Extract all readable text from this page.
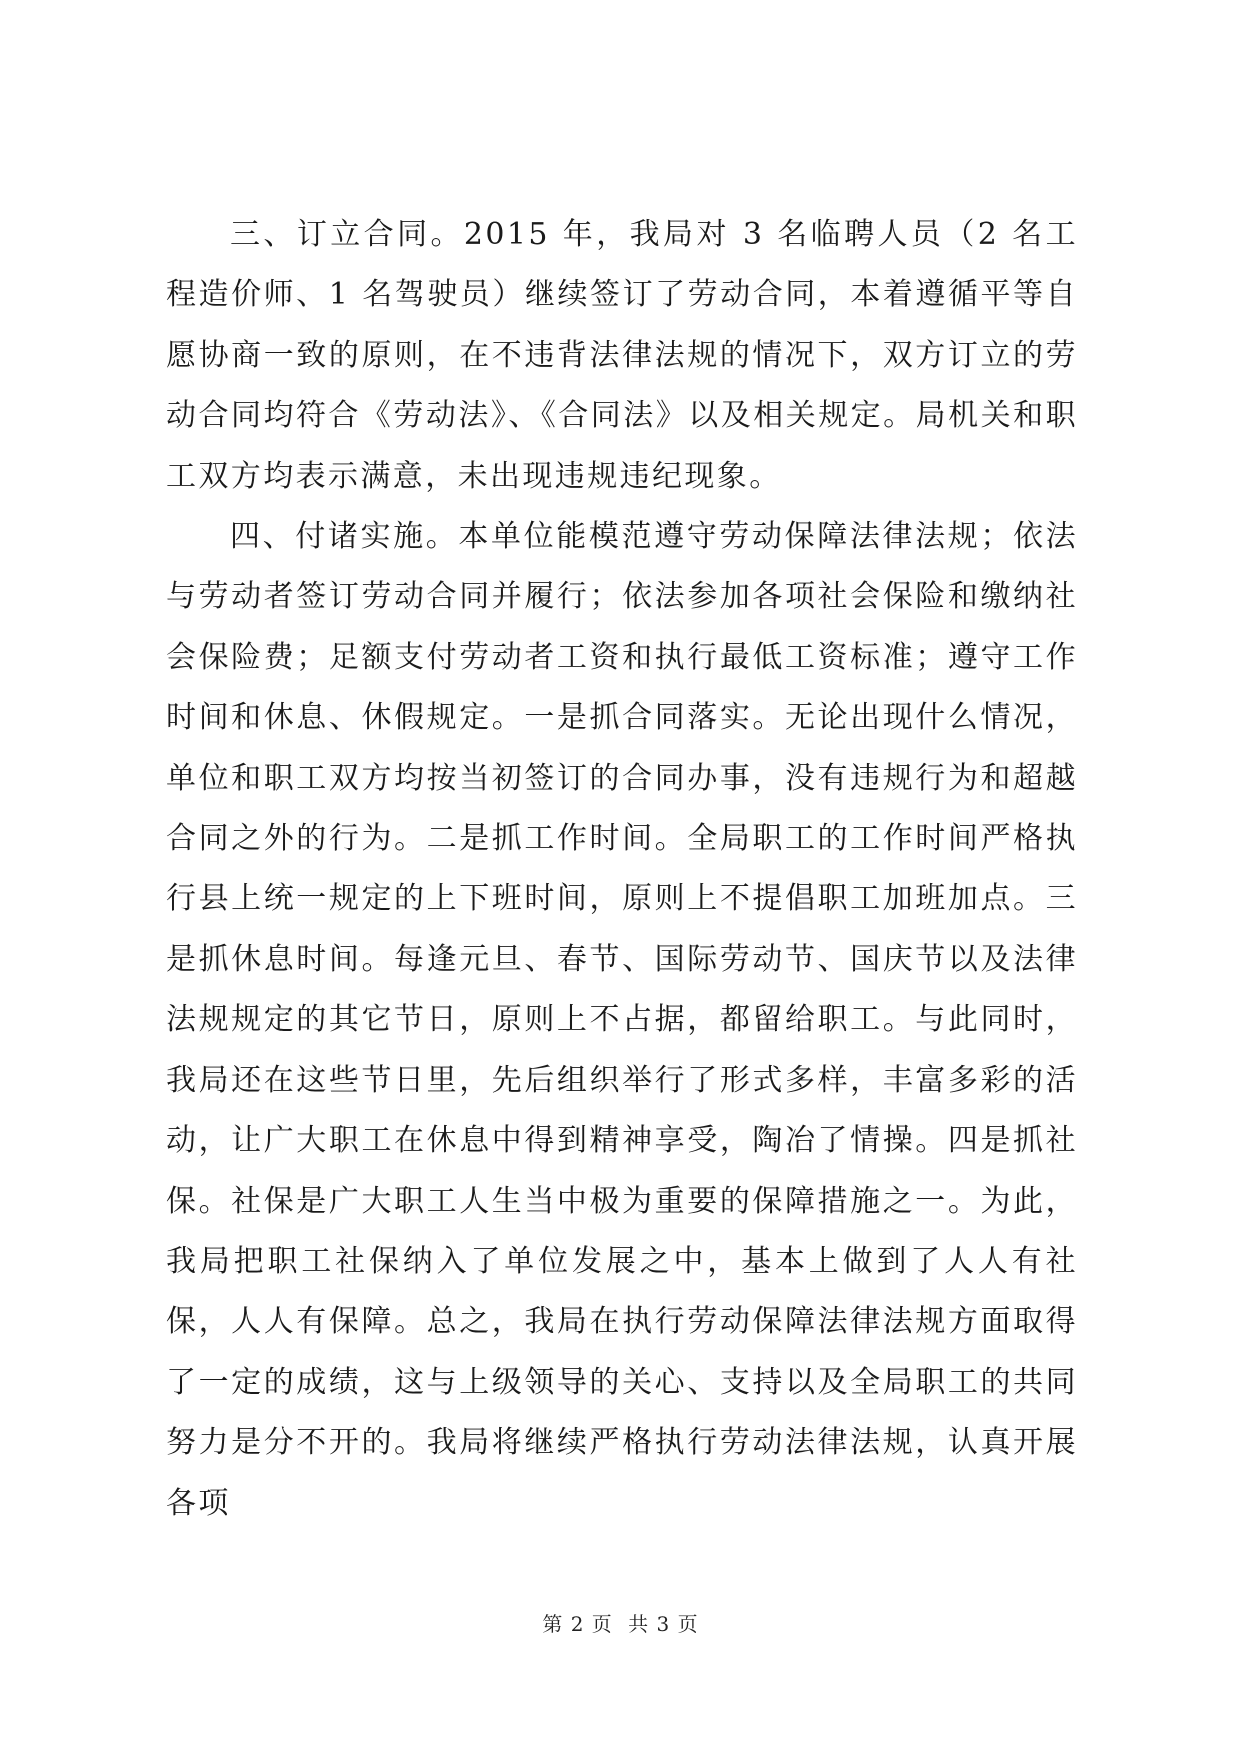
三、订立合同。2015 年，我局对 3 名临聘人员（2 名工程造价师、1 名驾驶员）继续签订了劳动合同，本着遵循平等自愿协商一致的原则，在不违背法律法规的情况下，双方订立的劳动合同均符合《劳动法》、《合同法》以及相关规定。局机关和职工双方均表示满意，未出现违规违纪现象。

四、付诸实施。本单位能模范遵守劳动保障法律法规；依法与劳动者签订劳动合同并履行；依法参加各项社会保险和缴纳社会保险费；足额支付劳动者工资和执行最低工资标准；遵守工作时间和休息、休假规定。一是抓合同落实。无论出现什么情况，单位和职工双方均按当初签订的合同办事，没有违规行为和超越合同之外的行为。二是抓工作时间。全局职工的工作时间严格执行县上统一规定的上下班时间，原则上不提倡职工加班加点。三是抓休息时间。每逢元旦、春节、国际劳动节、国庆节以及法律法规规定的其它节日，原则上不占据，都留给职工。与此同时，我局还在这些节日里，先后组织举行了形式多样，丰富多彩的活动，让广大职工在休息中得到精神享受，陶冶了情操。四是抓社保。社保是广大职工人生当中极为重要的保障措施之一。为此，我局把职工社保纳入了单位发展之中，基本上做到了人人有社保，人人有保障。总之，我局在执行劳动保障法律法规方面取得了一定的成绩，这与上级领导的关心、支持以及全局职工的共同努力是分不开的。我局将继续严格执行劳动法律法规，认真开展各项

第 2 页 共 3 页
